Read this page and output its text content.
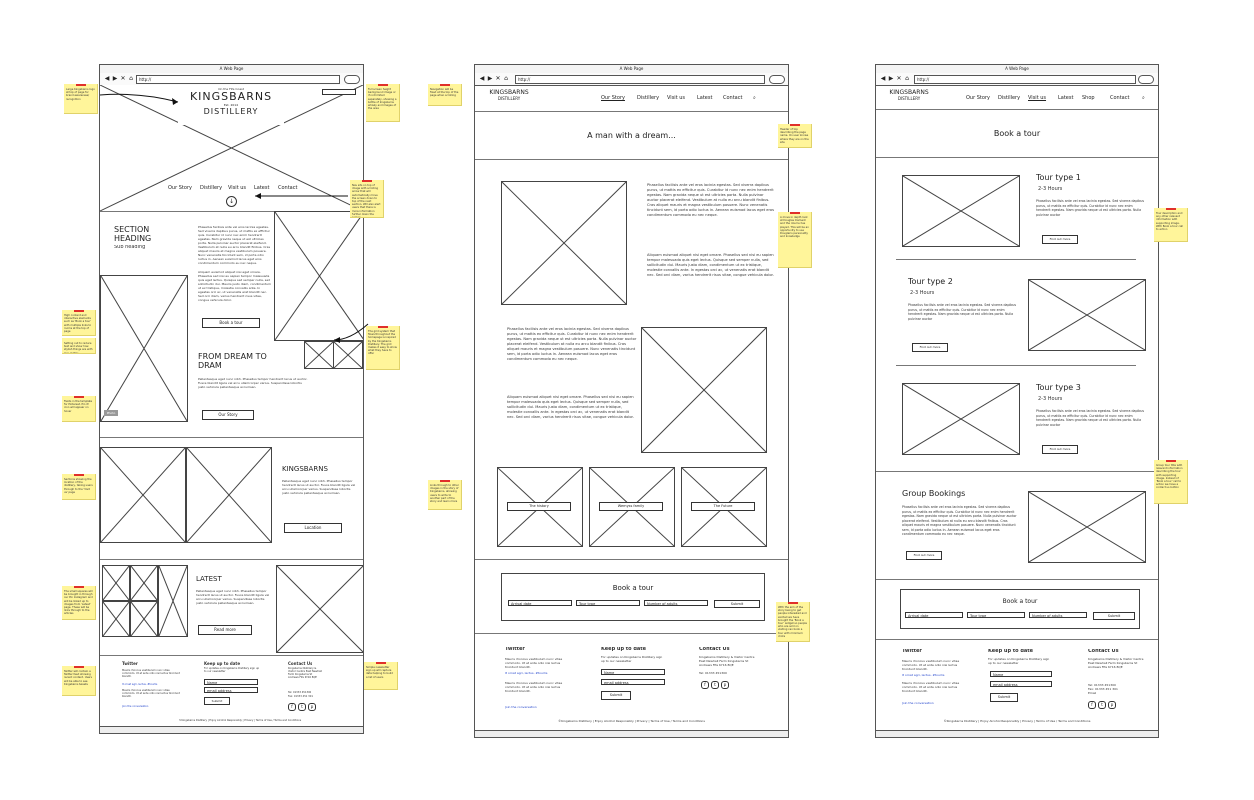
A Web Page
◀ ▶ ✕ ⌂	http://
On the Fife Coast
KINGSBARNS
Est. 2014
DISTILLERY
Our Story Distillery Visit us Latest Contact
↓
SECTION HEADING
Sub heading
Phasellus facilisis ante vel eros lacinia egestas. Sed viverra dapibus purus, ut mattis ex efficitur quis. Curabitur id nunc nec enim hendrerit egestas. Nam gravida neque ut est ultricies porta. Nulla pulvinar auctor placerat eleifend. Vestibulum at nulla eu arcu blandit finibus. Cras aliquet mauris et magna vestibulum posuere. Nunc venenatis tincidunt sem, id porta odio luctus in. Aenean euismod lacus eget eros condimentum commodo eu nec neque.
Aliquam euismod aliquet nisi eget ornare. Phasellus sed nisi eu sapien tempor malesuada quis eget lectus. Quisque sed semper nulla, sed sollicitudin dui. Mauris justo diam, condimentum ut ex tristique, molestie convallis ante. In egestas orci ac, ut venenatis erat blandit nec. Sed orci diam, varius hendrerit risus vitae, congue vehicula dolor.
Book a tour
Photo
FROM DREAM TO DRAM
Pellentesque eget nunc nibh. Phasellus tempor hendrerit lacus ut auctor. Fusce blandit ligula vel arcu ullamcorper varius. Suspendisse lobortis justo vehicula pellentesque accumsan.
Our Story
KINGSBARNS
Pellentesque eget nunc nibh. Phasellus tempor hendrerit lacus ut auctor. Fusce blandit ligula vel arcu ullamcorper varius. Suspendisse lobortis justo vehicula pellentesque accumsan.
Location
LATEST
Pellentesque eget nunc nibh. Phasellus tempor hendrerit lacus ut auctor. Fusce blandit ligula vel arcu ullamcorper varius. Suspendisse lobortis justo vehicula pellentesque accumsan.
Read more
Twitter
Mauris rhoncus vestibulum nunc vitae commodo. Ut et ante odio nisi lectus tincidunt blandit.
It ornat agri, lectus. #tourlis
Mauris rhoncus vestibulum nunc vitae commodo. Ut et ante odio nisi lectus tincidunt blandit.
Join the conversation
Keep up to date
For updates on Kingsbarns Distillery sign up to our newsletter
Name
email address
Submit
Contact Us
Kingsbarns Distillery & Visitor Centre East Newhall Farm Kingsbarns St Andrews Fife KY16 8QE
Tel: 01333 451300
Fax: 01333 451 301
f	t	p
©Kingsbarns Distillery | Enjoy Alcohol Responsibly | Privacy | Terms of Use / Terms and Conditions
A Web Page
◀ ▶ ✕ ⌂	http://
KINGSBARNS
DISTILLERY	Our Story Distillery Visit us Latest Contact ⌕
A man with a dream...
Phasellus facilisis ante vel eros lacinia egestas. Sed viverra dapibus purus, ut mattis ex efficitur quis. Curabitur id nunc nec enim hendrerit egestas. Nam gravida neque ut est ultricies porta. Nulla pulvinar auctor placerat eleifend. Vestibulum at nulla eu arcu blandit finibus. Cras aliquet mauris et magna vestibulum posuere. Nunc venenatis tincidunt sem, id porta odio luctus in. Aenean euismod lacus eget eros condimentum commodo eu nec neque.
Aliquam euismod aliquet nisi eget ornare. Phasellus sed nisi eu sapien tempor malesuada quis eget lectus. Quisque sed semper nulla, sed sollicitudin dui. Mauris justo diam, condimentum ut ex tristique, molestie convallis ante. In egestas orci ac, ut venenatis erat blandit nec. Sed orci diam, varius hendrerit risus vitae, congue vehicula dolor.
Phasellus facilisis ante vel eros lacinia egestas. Sed viverra dapibus purus, ut mattis ex efficitur quis. Curabitur id nunc nec enim hendrerit egestas. Nam gravida neque ut est ultricies porta. Nulla pulvinar auctor placerat eleifend. Vestibulum at nulla eu arcu blandit finibus. Cras aliquet mauris et magna vestibulum posuere. Nunc venenatis tincidunt sem, id porta odio luctus in. Aenean euismod lacus eget eros condimentum commodo eu nec neque.
Aliquam euismod aliquet nisi eget ornare. Phasellus sed nisi eu sapien tempor malesuada quis eget lectus. Quisque sed semper nulla, sed sollicitudin dui. Mauris justo diam, condimentum ut ex tristique, molestie convallis ante. In egestas orci ac, ut venenatis erat blandit nec. Sed orci diam, varius hendrerit risus vitae, congue vehicula dolor.
The history	Wemyss family	The Future
Book a tour
Arrival date	Tour type	Number of adults	Submit
Twitter
Mauris rhoncus vestibulum nunc vitae commodo. Ut et ante odio nisi lectus tincidunt blandit.
It ornat agri, lectus. #tourlis
Mauris rhoncus vestibulum nunc vitae commodo. Ut et ante odio nisi lectus tincidunt blandit.
Join the conversation
Keep up to date
For updates on Kingsbarns Distillery sign up to our newsletter
Name
email address
Submit
Contact Us
Kingsbarns Distillery & Visitor Centre East Newhall Farm Kingsbarns St Andrews Fife KY16 8QE
Tel: 01333 451300
f	t	p
©Kingsbarns Distillery | Enjoy Alcohol Responsibly | Privacy | Terms of Use / Terms and Conditions
A Web Page
◀ ▶ ✕ ⌂	http://
KINGSBARNS
DISTILLERY	Our Story Distillery Visit us Latest Shop	Contact	⌕
Book a tour
Tour type 1
2-3 Hours
Phasellus facilisis ante vel eros lacinia egestas. Sed viverra dapibus purus, ut mattis ex efficitur quis. Curabitur id nunc nec enim hendrerit egestas. Nam gravida neque ut est ultricies porta. Nulla pulvinar auctor
Find out more
Tour type 2
2-3 Hours
Phasellus facilisis ante vel eros lacinia egestas. Sed viverra dapibus purus, ut mattis ex efficitur quis. Curabitur id nunc nec enim hendrerit egestas. Nam gravida neque ut est ultricies porta. Nulla pulvinar auctor
Find out more
Tour type 3
2-3 Hours
Phasellus facilisis ante vel eros lacinia egestas. Sed viverra dapibus purus, ut mattis ex efficitur quis. Curabitur id nunc nec enim hendrerit egestas. Nam gravida neque ut est ultricies porta. Nulla pulvinar auctor
Find out more
Group Bookings
Phasellus facilisis ante vel eros lacinia egestas. Sed viverra dapibus purus, ut mattis ex efficitur quis. Curabitur id nunc nec enim hendrerit egestas. Nam gravida neque ut est ultricies porta. Nulla pulvinar auctor placerat eleifend. Vestibulum at nulla eu arcu blandit finibus. Cras aliquet mauris et magna vestibulum posuere. Nunc venenatis tincidunt sem, id porta odio luctus in. Aenean euismod lacus eget eros condimentum commodo eu nec neque.
Find out more
Book a tour
Arrival date	Tour type	Number of adults	Submit
Twitter
Mauris rhoncus vestibulum nunc vitae commodo. Ut et ante odio nisi lectus tincidunt blandit.
It ornat agri, lectus. #tourlis
Mauris rhoncus vestibulum nunc vitae commodo. Ut et ante odio nisi lectus tincidunt blandit.
Join the conversation
Keep up to date
For updates on Kingsbarns Distillery sign up to our newsletter
Name
email address
Submit
Contact Us
Kingsbarns Distillery & Visitor Centre East Newhall Farm Kingsbarns St Andrews Fife KY16 8QE
Tel: 01333 451300
Fax: 01333 451 301
Email
f	t	p
©Kingsbarns Distillery | Enjoy Alcohol Responsibly | Privacy | Terms of Use / Terms and Conditions
Large Kingsbarns logo at top of page for brand awareness/ recognition
Full screen height background image or if not limited separately, showing a bottle of kingsbarns whisky and images of the area
Nav sits on top of image with scrolling arrow that will automatically move the screen down to top of the next section. Will also alert users that there is more information further down the screen
High content and interactive elements such as 'Book a tour' with multiple links to rooms at the top of page
Setting out to reduce text and show how stylish things are with less clutter
Fields in the template for Pinterest. Pin it! icon will appear on hover
Sections showing the location of the distillery, taking users through to the 'Visit us' page
The small squares will be brought in through our Pin Instagram and will be linked up to images from 'Latest' page. These will be links through to the articles
Twitter will contain a Twitter feed showing recent content. Users will be able to see Kingsbarns tweets
Simple newsletter sign up will capture data helping to build a list of users
The grid system that flows throughout the homepage is inspired by the Kingsbarns Distillery. The grid makes it easy to show what they have to offer
Navigation will be fixed at the top of the page when scrolling
Header of top describing the page name. On user knows where they are on the site
A move in depth look at Douglas Clement and the role he has played. This will be an opportunity to use Douglas's personality and knowledge
Links through to other images in the story of Kingsbarns, allowing users to write to another part of the story and learn more
With the aim of the story being to get people interested and excited we have brought the 'Book a tour' widget so people who are sold on visiting can book a tour with minimum clicks
Tour description and any other relevant information with supporting image. With Book a tour call to action
Group tour title with relevant information describing the tour with supporting image. Instead of 'Book a tour' call to action we have a contact us button
